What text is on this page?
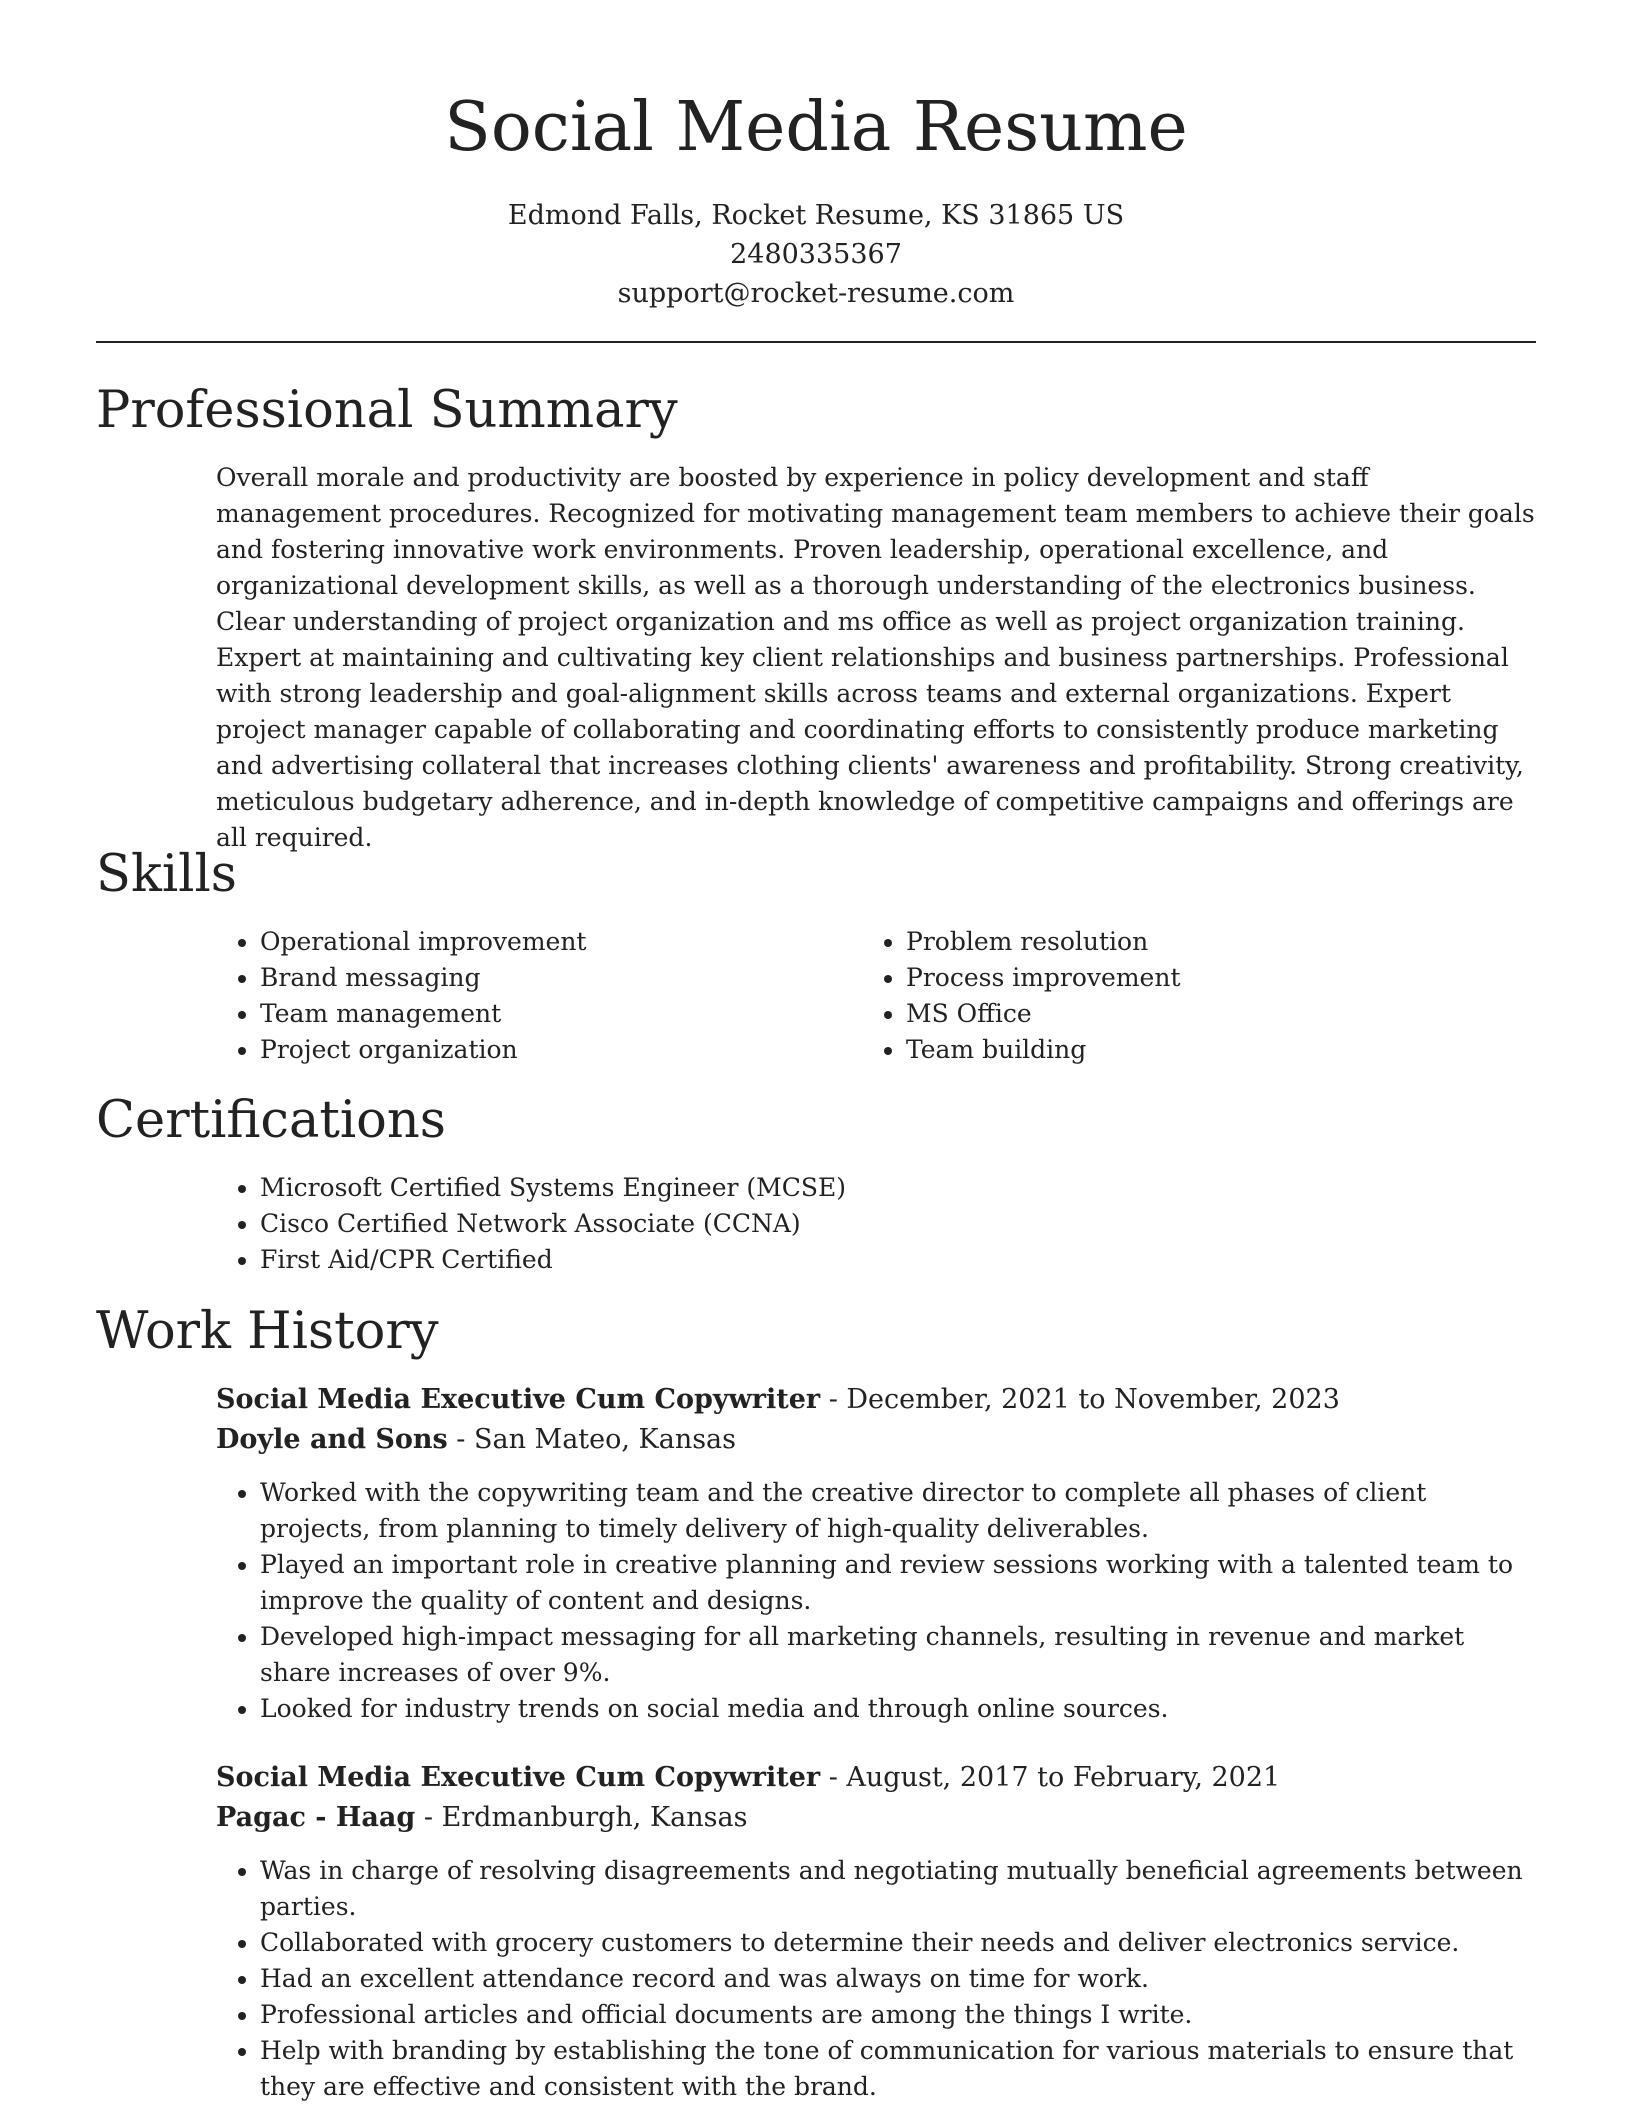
Social Media Resume

Edmond Falls, Rocket Resume, KS 31865 US

2480335367

support@rocket-resume.com

Professional Summary

Overall morale and productivity are boosted by experience in policy development and staff management procedures. Recognized for motivating management team members to achieve their goals and fostering innovative work environments. Proven leadership, operational excellence, and organizational development skills, as well as a thorough understanding of the electronics business. Clear understanding of project organization and ms office as well as project organization training. Expert at maintaining and cultivating key client relationships and business partnerships. Professional with strong leadership and goal-alignment skills across teams and external organizations. Expert project manager capable of collaborating and coordinating efforts to consistently produce marketing and advertising collateral that increases clothing clients' awareness and profitability. Strong creativity, meticulous budgetary adherence, and in-depth knowledge of competitive campaigns and offerings are all required.

Skills
• Operational improvement
• Brand messaging
• Team management
• Project organization
• Problem resolution
• Process improvement
• MS Office
• Team building
Certifications
• Microsoft Certified Systems Engineer (MCSE)
• Cisco Certified Network Associate (CCNA)
• First Aid/CPR Certified
Work History

Social Media Executive Cum Copywriter - December, 2021 to November, 2023

Doyle and Sons - San Mateo, Kansas

• Worked with the copywriting team and the creative director to complete all phases of client projects, from planning to timely delivery of high-quality deliverables.
• Played an important role in creative planning and review sessions working with a talented team to improve the quality of content and designs.
• Developed high-impact messaging for all marketing channels, resulting in revenue and market share increases of over 9%.
• Looked for industry trends on social media and through online sources.

Social Media Executive Cum Copywriter - August, 2017 to February, 2021

Pagac - Haag - Erdmanburgh, Kansas

• Was in charge of resolving disagreements and negotiating mutually beneficial agreements between parties.
• Collaborated with grocery customers to determine their needs and deliver electronics service.
• Had an excellent attendance record and was always on time for work.
• Professional articles and official documents are among the things I write.
• Help with branding by establishing the tone of communication for various materials to ensure that they are effective and consistent with the brand.
